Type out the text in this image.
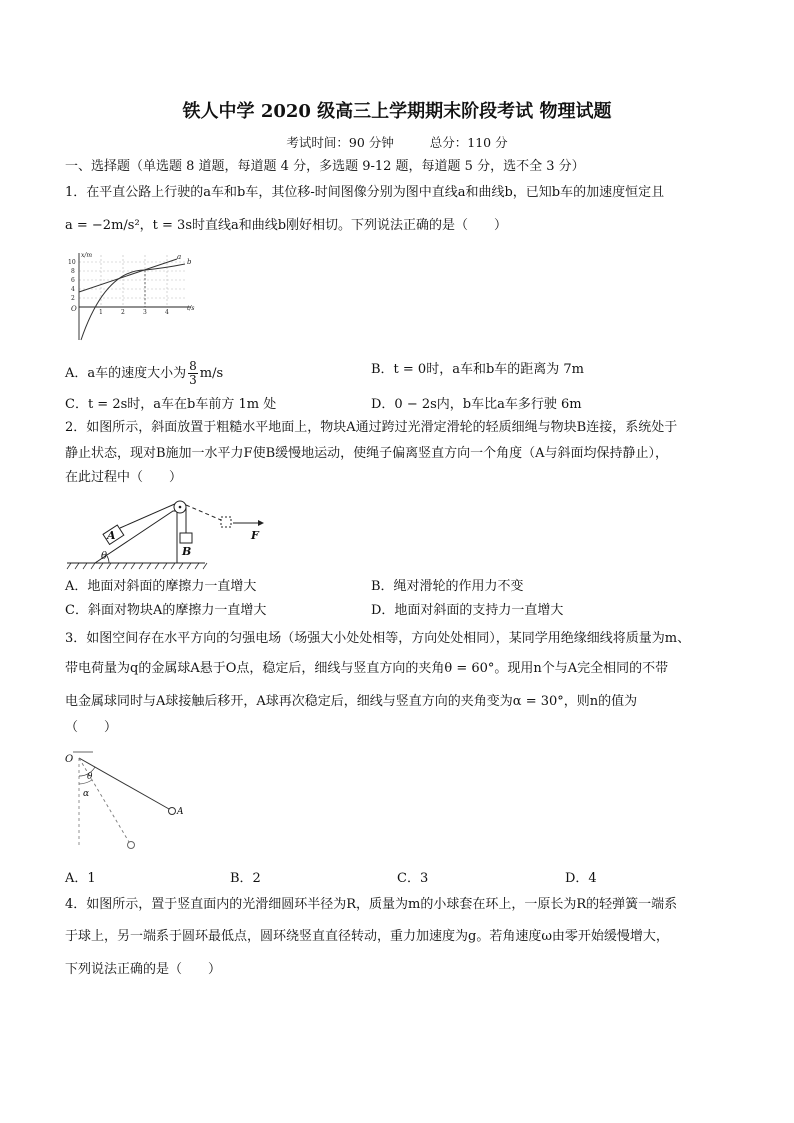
铁人中学 2020 级高三上学期期末阶段考试 物理试题
考试时间：90 分钟	总分：110 分
一、选择题（单选题 8 道题，每道题 4 分，多选题 9-12 题，每道题 5 分，选不全 3 分）
1．在平直公路上行驶的a车和b车，其位移-时间图像分别为图中直线a和曲线b，已知b车的加速度恒定且
a = −2m/s²，t = 3s时直线a和曲线b刚好相切。下列说法正确的是（　　）
x/m
t/s
O
a
b
10
8
6
4
2
1	2	3	4
A．a车的速度大小为 $\frac{8}{3} m/s$	B．t = 0时，a车和b车的距离为 7m
C．t = 2s时，a车在b车前方 1m 处	D．0 − 2s内，b车比a车多行驶 6m
2．如图所示，斜面放置于粗糙水平地面上，物块A通过跨过光滑定滑轮的轻质细绳与物块B连接，系统处于
静止状态，现对B施加一水平力F使B缓慢地运动，使绳子偏离竖直方向一个角度（A与斜面均保持静止），
在此过程中（　　）
A
B
F
θ
A．地面对斜面的摩擦力一直增大	B．绳对滑轮的作用力不变
C．斜面对物块A的摩擦力一直增大	D．地面对斜面的支持力一直增大
3．如图空间存在水平方向的匀强电场（场强大小处处相等，方向处处相同），某同学用绝缘细线将质量为m、
带电荷量为q的金属球A悬于O点，稳定后，细线与竖直方向的夹角θ = 60°。现用n个与A完全相同的不带
电金属球同时与A球接触后移开，A球再次稳定后，细线与竖直方向的夹角变为α = 30°，则n的值为
（　　）
O
A
θ
α
A．1	B．2	C．3	D．4
4．如图所示，置于竖直面内的光滑细圆环半径为R，质量为m的小球套在环上，一原长为R的轻弹簧一端系
于球上，另一端系于圆环最低点，圆环绕竖直直径转动，重力加速度为g。若角速度ω由零开始缓慢增大，
下列说法正确的是（　　）
